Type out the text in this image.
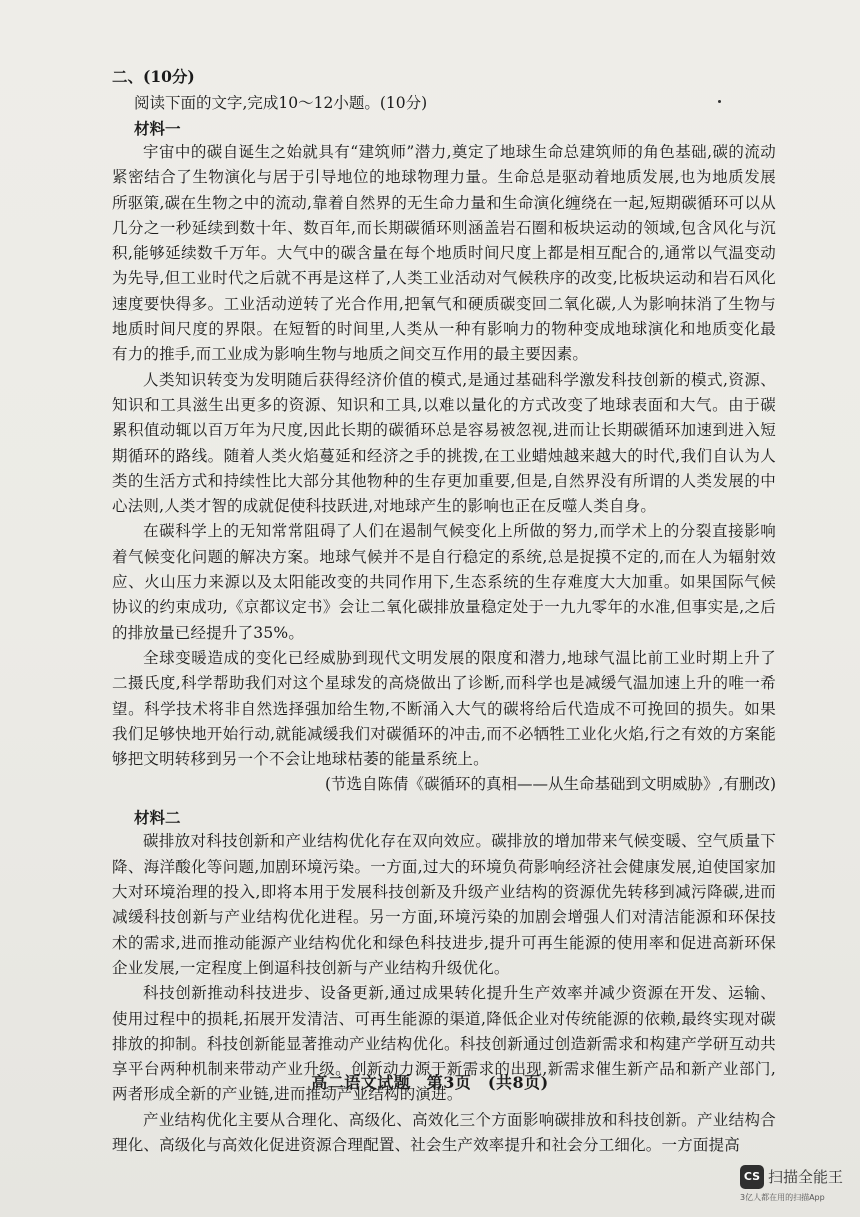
二、(10分)
阅读下面的文字,完成10～12小题。(10分)
材料一

宇宙中的碳自诞生之始就具有“建筑师”潜力,奠定了地球生命总建筑师的角色基础,碳的流动紧密结合了生物演化与居于引导地位的地球物理力量。生命总是驱动着地质发展,也为地质发展所驱策,碳在生物之中的流动,靠着自然界的无生命力量和生命演化缠绕在一起,短期碳循环可以从几分之一秒延续到数十年、数百年,而长期碳循环则涵盖岩石圈和板块运动的领域,包含风化与沉积,能够延续数千万年。大气中的碳含量在每个地质时间尺度上都是相互配合的,通常以气温变动为先导,但工业时代之后就不再是这样了,人类工业活动对气候秩序的改变,比板块运动和岩石风化速度要快得多。工业活动逆转了光合作用,把氧气和硬质碳变回二氧化碳,人为影响抹消了生物与地质时间尺度的界限。在短暂的时间里,人类从一种有影响力的物种变成地球演化和地质变化最有力的推手,而工业成为影响生物与地质之间交互作用的最主要因素。

人类知识转变为发明随后获得经济价值的模式,是通过基础科学激发科技创新的模式,资源、知识和工具滋生出更多的资源、知识和工具,以难以量化的方式改变了地球表面和大气。由于碳累积值动辄以百万年为尺度,因此长期的碳循环总是容易被忽视,进而让长期碳循环加速到进入短期循环的路线。随着人类火焰蔓延和经济之手的挑拨,在工业蜡烛越来越大的时代,我们自认为人类的生活方式和持续性比大部分其他物种的生存更加重要,但是,自然界没有所谓的人类发展的中心法则,人类才智的成就促使科技跃进,对地球产生的影响也正在反噬人类自身。

在碳科学上的无知常常阻碍了人们在遏制气候变化上所做的努力,而学术上的分裂直接影响着气候变化问题的解决方案。地球气候并不是自行稳定的系统,总是捉摸不定的,而在人为辐射效应、火山压力来源以及太阳能改变的共同作用下,生态系统的生存难度大大加重。如果国际气候协议的约束成功,《京都议定书》会让二氧化碳排放量稳定处于一九九零年的水准,但事实是,之后的排放量已经提升了35%。

全球变暖造成的变化已经威胁到现代文明发展的限度和潜力,地球气温比前工业时期上升了二摄氏度,科学帮助我们对这个星球发的高烧做出了诊断,而科学也是减缓气温加速上升的唯一希望。科学技术将非自然选择强加给生物,不断涌入大气的碳将给后代造成不可挽回的损失。如果我们足够快地开始行动,就能减缓我们对碳循环的冲击,而不必牺牲工业化火焰,行之有效的方案能够把文明转移到另一个不会让地球枯萎的能量系统上。

(节选自陈倩《碳循环的真相——从生命基础到文明威胁》,有删改)

材料二

碳排放对科技创新和产业结构优化存在双向效应。碳排放的增加带来气候变暖、空气质量下降、海洋酸化等问题,加剧环境污染。一方面,过大的环境负荷影响经济社会健康发展,迫使国家加大对环境治理的投入,即将本用于发展科技创新及升级产业结构的资源优先转移到减污降碳,进而减缓科技创新与产业结构优化进程。另一方面,环境污染的加剧会增强人们对清洁能源和环保技术的需求,进而推动能源产业结构优化和绿色科技进步,提升可再生能源的使用率和促进高新环保企业发展,一定程度上倒逼科技创新与产业结构升级优化。

科技创新推动科技进步、设备更新,通过成果转化提升生产效率并减少资源在开发、运输、使用过程中的损耗,拓展开发清洁、可再生能源的渠道,降低企业对传统能源的依赖,最终实现对碳排放的抑制。科技创新能显著推动产业结构优化。科技创新通过创造新需求和构建产学研互动共享平台两种机制来带动产业升级。创新动力源于新需求的出现,新需求催生新产品和新产业部门,两者形成全新的产业链,进而推动产业结构的演进。

产业结构优化主要从合理化、高级化、高效化三个方面影响碳排放和科技创新。产业结构合理化、高级化与高效化促进资源合理配置、社会生产效率提升和社会分工细化。一方面提高

高二语文试题　第3页　(共8页)
CS 扫描全能王
3亿人都在用的扫描App
